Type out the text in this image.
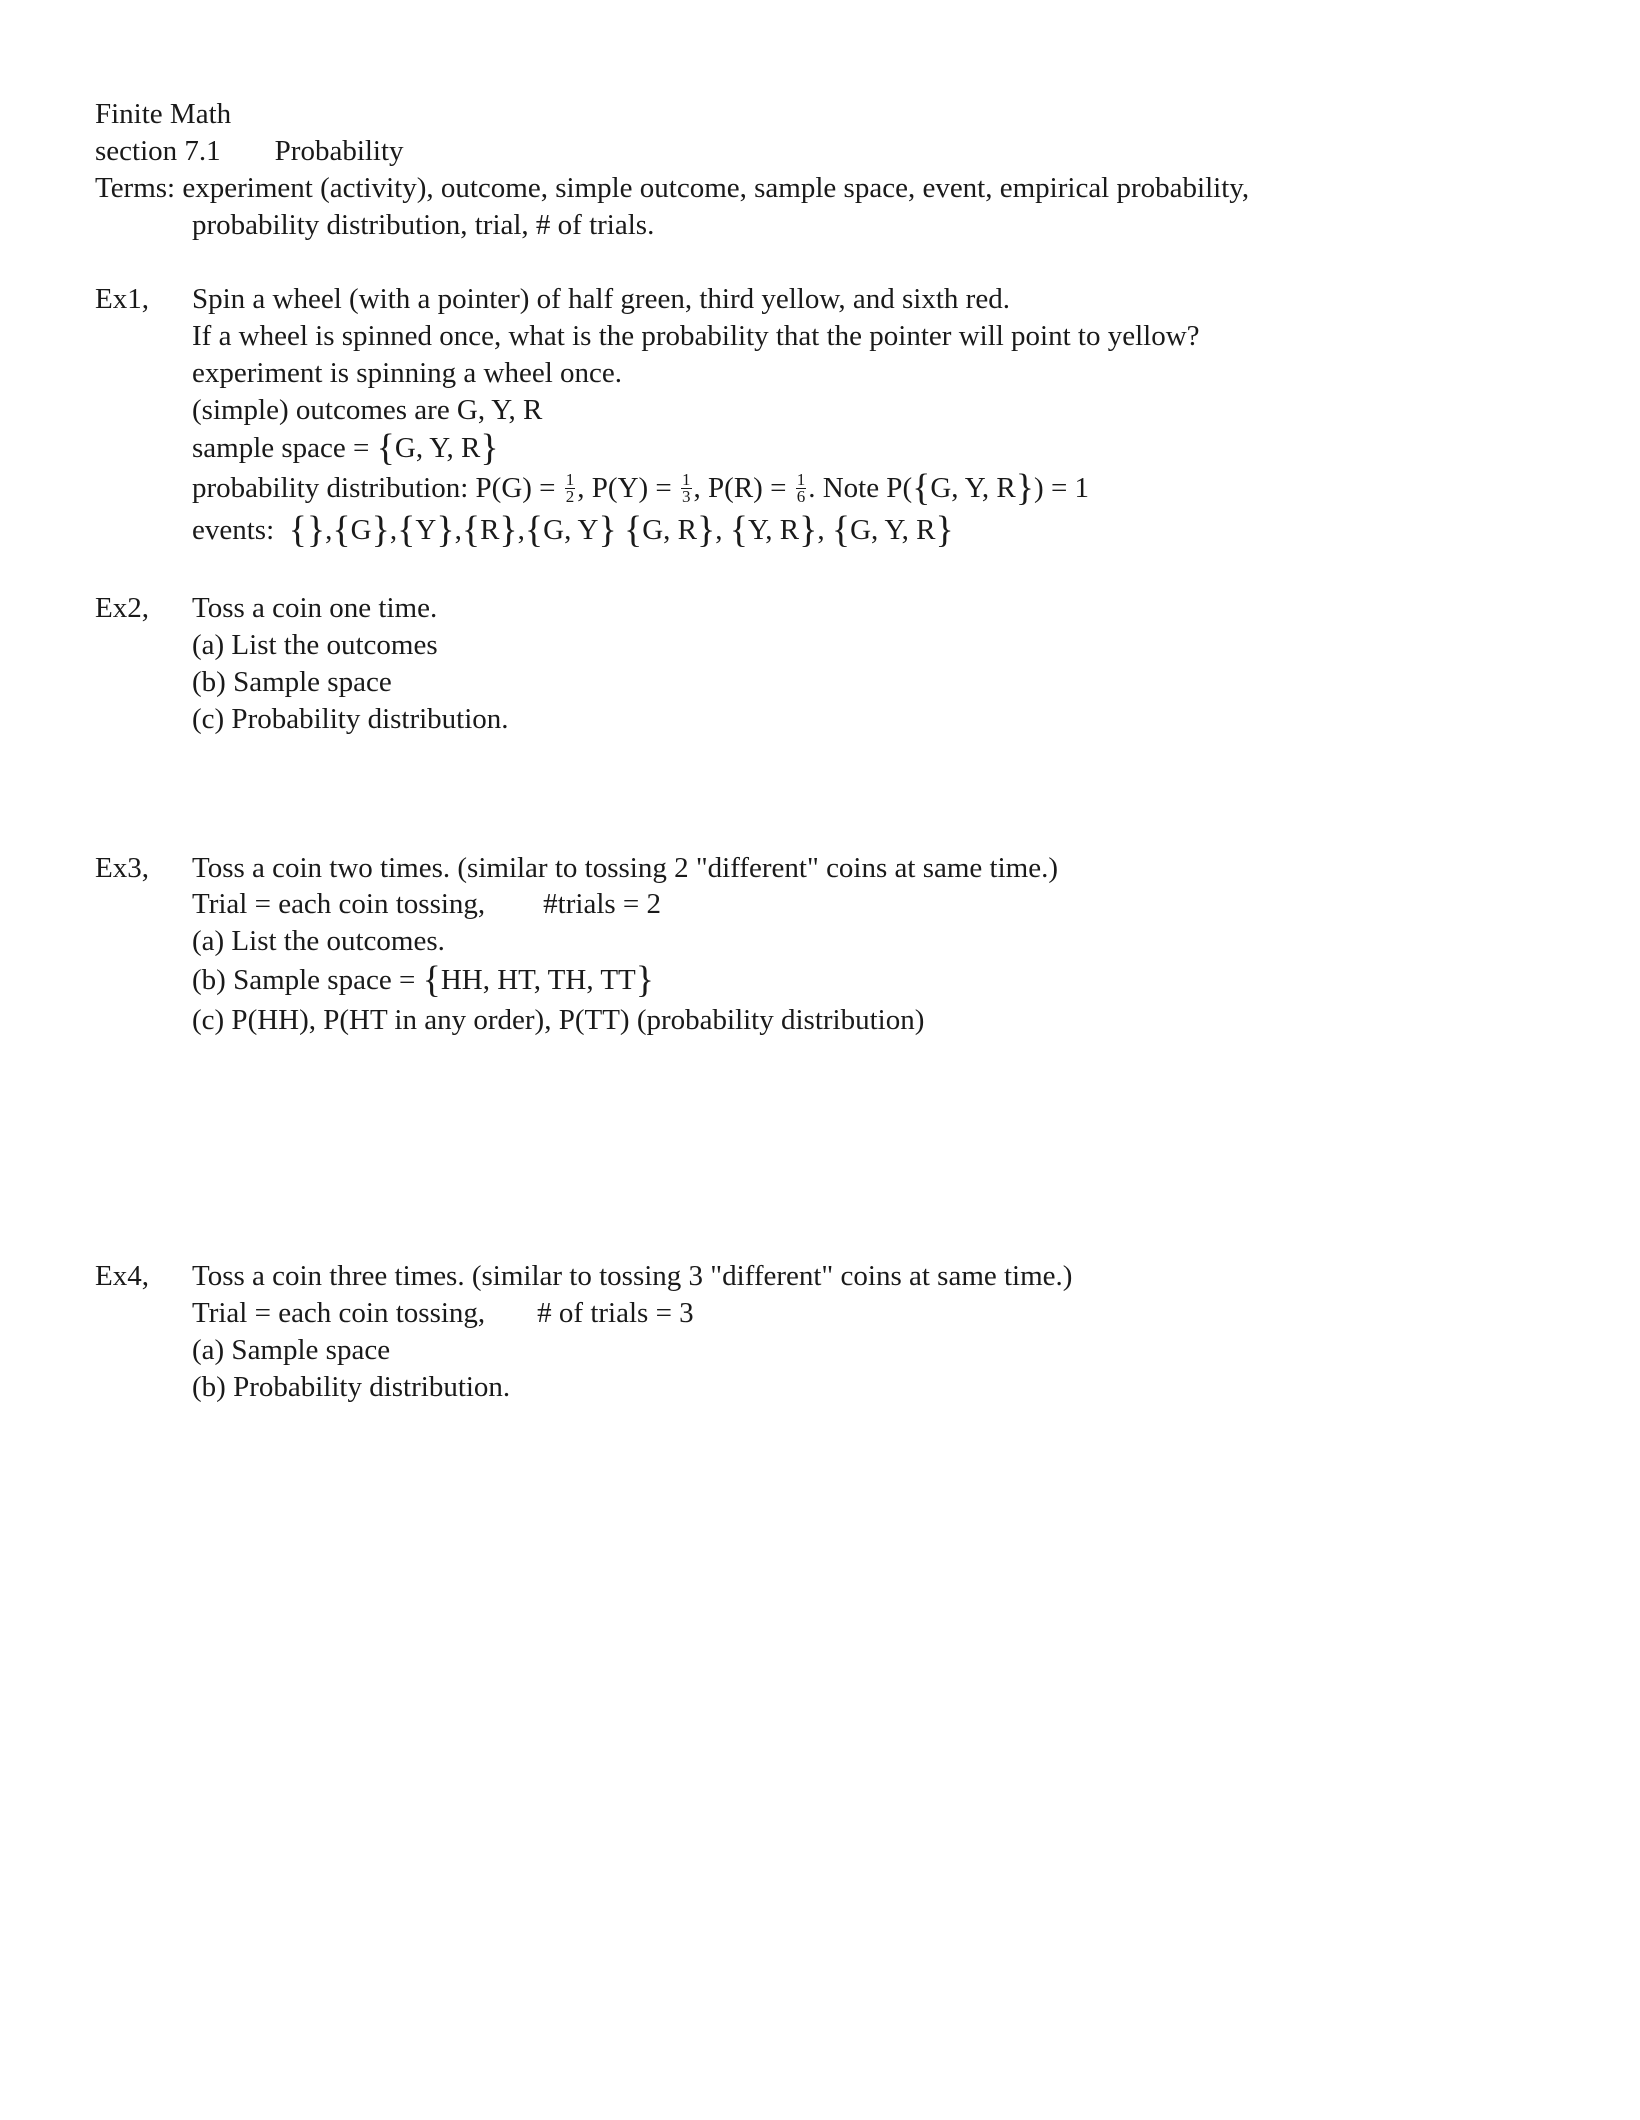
Finite Math
section 7.1 Probability
Terms: experiment (activity), outcome, simple outcome, sample space, event, empirical probability,
probability distribution, trial, # of trials.
Ex1, Spin a wheel (with a pointer) of half green, third yellow, and sixth red.
If a wheel is spinned once, what is the probability that the pointer will point to yellow?
experiment is spinning a wheel once.
(simple) outcomes are G, Y, R
sample space = {G, Y, R}
probability distribution: $P(G) = \frac{1}{2}$ , $P(Y) = \frac{1}{3}$ , $P(R) = \frac{1}{6}$ . Note P({G, Y, R}) = 1
events: {},{G},{Y},{R},{G, Y} {G, R}, {Y, R}, {G, Y, R}
Ex2, Toss a coin one time.
(a) List the outcomes
(b) Sample space
(c) Probability distribution.
Ex3, Toss a coin two times. (similar to tossing 2 "different" coins at same time.)
Trial = each coin tossing, #trials = 2
(a) List the outcomes.
(b) Sample space = {HH, HT, TH, TT}
(c) P(HH), P(HT in any order), P(TT) (probability distribution)
Ex4, Toss a coin three times. (similar to tossing 3 "different" coins at same time.)
Trial = each coin tossing, # of trials = 3
(a) Sample space
(b) Probability distribution.
